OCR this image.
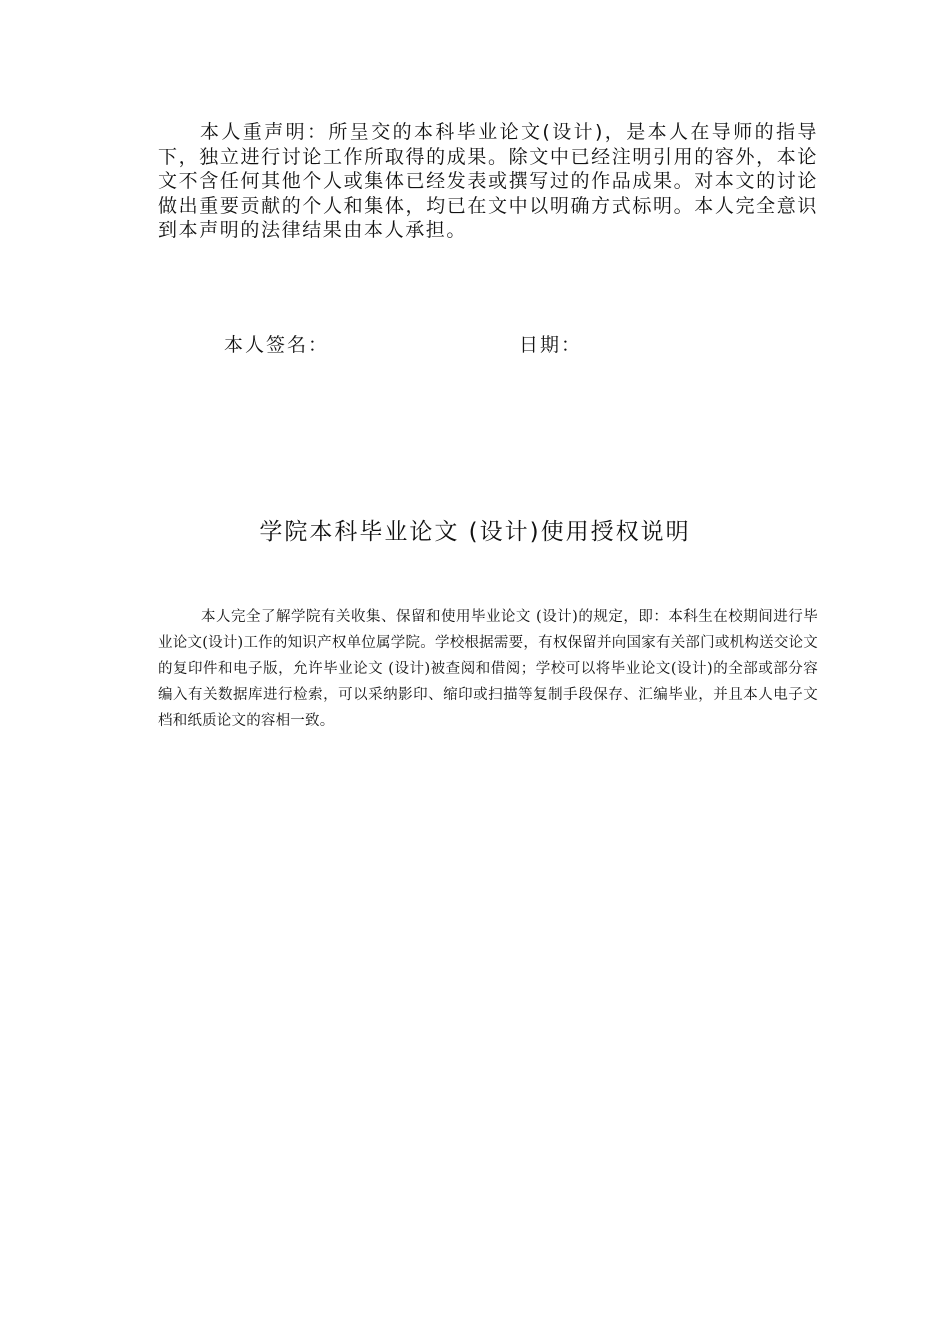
本人重声明：所呈交的本科毕业论文(设计)，是本人在导师的指导下，独立进行讨论工作所取得的成果。除文中已经注明引用的容外，本论文不含任何其他个人或集体已经发表或撰写过的作品成果。对本文的讨论做出重要贡献的个人和集体，均已在文中以明确方式标明。本人完全意识到本声明的法律结果由本人承担。

本人签名：	日期：
学院本科毕业论文 (设计)使用授权说明

本人完全了解学院有关收集、保留和使用毕业论文 (设计)的规定，即：本科生在校期间进行毕业论文(设计)工作的知识产权单位属学院。学校根据需要，有权保留并向国家有关部门或机构送交论文的复印件和电子版，允许毕业论文 (设计)被查阅和借阅；学校可以将毕业论文(设计)的全部或部分容编入有关数据库进行检索，可以采纳影印、缩印或扫描等复制手段保存、汇编毕业，并且本人电子文档和纸质论文的容相一致。
